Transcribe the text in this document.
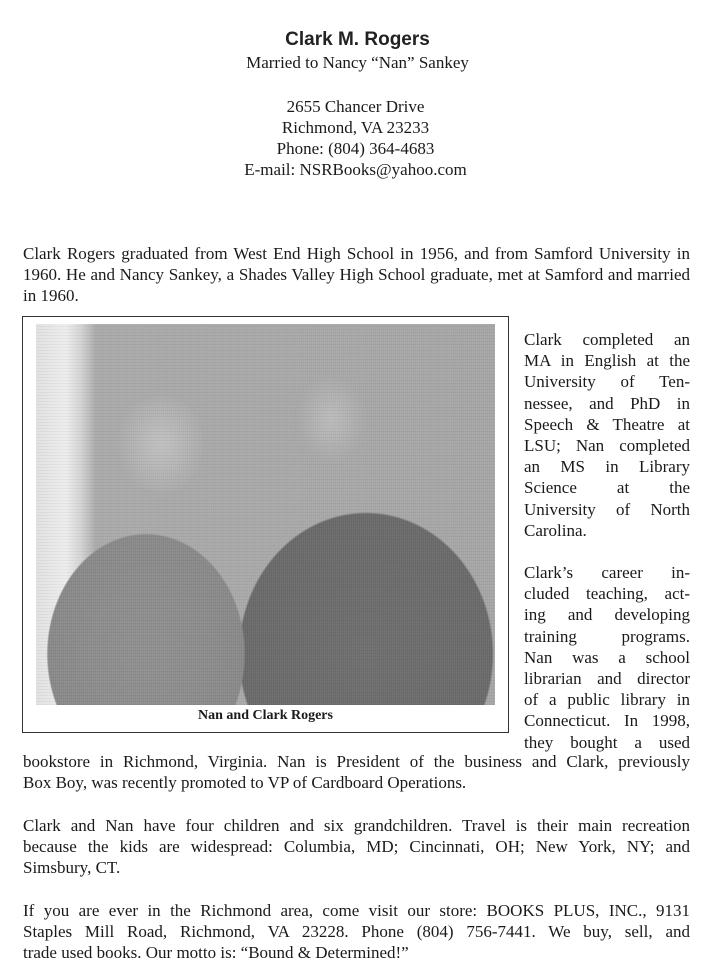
Clark M. Rogers
Married to Nancy “Nan” Sankey
2655 Chancer Drive
Richmond, VA 23233
Phone: (804) 364-4683
E-mail: NSRBooks@yahoo.com
Clark Rogers graduated from West End High School in 1956, and from Samford University in 1960. He and Nancy Sankey, a Shades Valley High School graduate, met at Samford and married in 1960.
Nan and Clark Rogers
Clark completed an
MA in English at the
University of Ten-
nessee, and PhD in
Speech & Theatre at
LSU; Nan completed
an MS in Library
Science at the
University of North
Carolina.
Clark’s career in-
cluded teaching, act-
ing and developing
training programs.
Nan was a school
librarian and director
of a public library in
Connecticut. In 1998,
they bought a used
bookstore in Richmond, Virginia. Nan is President of the business and Clark, previously
Box Boy, was recently promoted to VP of Cardboard Operations.
Clark and Nan have four children and six grandchildren. Travel is their main recreation
because the kids are widespread: Columbia, MD; Cincinnati, OH; New York, NY; and
Simsbury, CT.
If you are ever in the Richmond area, come visit our store: BOOKS PLUS, INC., 9131
Staples Mill Road, Richmond, VA 23228. Phone (804) 756-7441. We buy, sell, and
trade used books. Our motto is: “Bound & Determined!”
